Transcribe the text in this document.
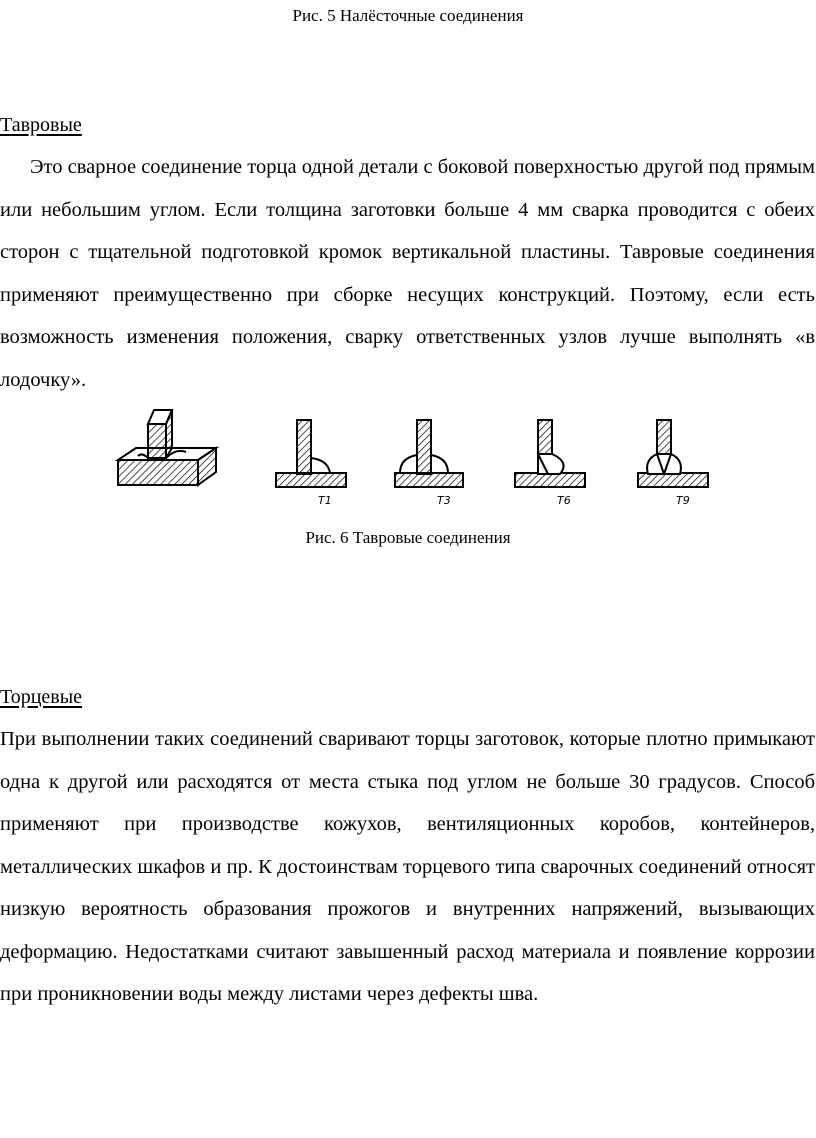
Рис. 5 Налёсточные соединения
Тавровые
Это сварное соединение торца одной детали с боковой поверхностью другой под прямым или небольшим углом. Если толщина заготовки больше 4 мм сварка проводится с обеих сторон с тщательной подготовкой кромок вертикальной пластины. Тавровые соединения применяют преимущественно при сборке несущих конструкций. Поэтому, если есть возможность изменения положения, сварку ответственных узлов лучше выполнять «в лодочку».
T1	T3	T6	T9
Рис. 6 Тавровые соединения
Торцевые
При выполнении таких соединений сваривают торцы заготовок, которые плотно примыкают одна к другой или расходятся от места стыка под углом не больше 30 градусов. Способ применяют при производстве кожухов, вентиляционных коробов, контейнеров, металлических шкафов и пр. К достоинствам торцевого типа сварочных соединений относят низкую вероятность образования прожогов и внутренних напряжений, вызывающих деформацию. Недостатками считают завышенный расход материала и появление коррозии при проникновении воды между листами через дефекты шва.
